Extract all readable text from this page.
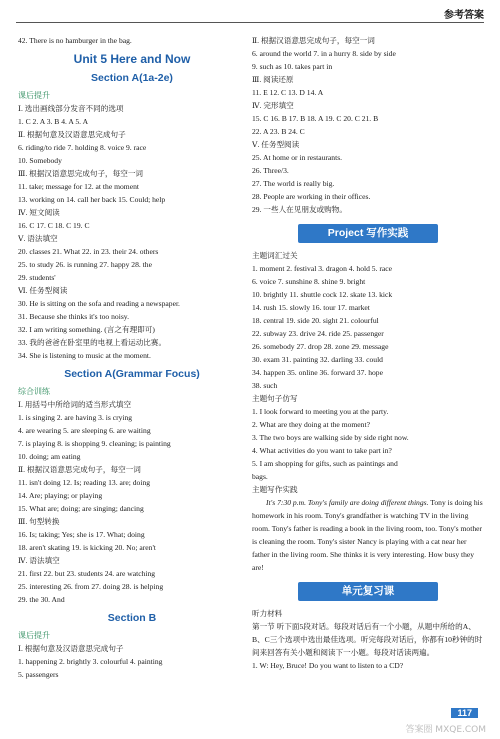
参考答案
42. There is no hamburger in the bag.
Unit 5 Here and Now
Section A(1a-2e)
课后提升
Ⅰ. 选出画线部分发音不同的选项
1. C 2. A 3. B 4. A 5. A
Ⅱ. 根据句意及汉语意思完成句子
6. riding/to ride 7. holding 8. voice 9. race
10. Somebody
Ⅲ. 根据汉语意思完成句子，每空一词
11. take; message for 12. at the moment
13. working on 14. call her back 15. Could; help
Ⅳ. 短文阅读
16. C 17. C 18. C 19. C
Ⅴ. 语法填空
20. classes 21. What 22. in 23. their 24. others
25. to study 26. is running 27. happy 28. the
29. students'
Ⅵ. 任务型阅读
30. He is sitting on the sofa and reading a newspaper.
31. Because she thinks it's too noisy.
32. I am writing something. (言之有理即可)
33. 我的爸爸在卧室里的电视上看运动比赛。
34. She is listening to music at the moment.
Section A(Grammar Focus)
综合训练
Ⅰ. 用括号中所给词的适当形式填空
1. is singing 2. are having 3. is crying
4. are wearing 5. are sleeping 6. are waiting
7. is playing 8. is shopping 9. cleaning; is painting
10. doing; am eating
Ⅱ. 根据汉语意思完成句子，每空一词
11. isn't doing 12. Is; reading 13. are; doing
14. Are; playing; or playing
15. What are; doing; are singing; dancing
Ⅲ. 句型转换
16. Is; taking; Yes; she is 17. What; doing
18. aren't skating 19. is kicking 20. No; aren't
Ⅳ. 语法填空
21. first 22. but 23. students 24. are watching
25. interesting 26. from 27. doing 28. is helping
29. the 30. And
Section B
课后提升
Ⅰ. 根据句意及汉语意思完成句子
1. happening 2. brightly 3. colourful 4. painting
5. passengers
Ⅱ. 根据汉语意思完成句子，每空一词
6. around the world 7. in a hurry 8. side by side
9. such as 10. takes part in
Ⅲ. 阅读还原
11. E 12. C 13. D 14. A
Ⅳ. 完形填空
15. C 16. B 17. B 18. A 19. C 20. C 21. B
22. A 23. B 24. C
Ⅴ. 任务型阅读
25. At home or in restaurants.
26. Three/3.
27. The world is really big.
28. People are working in their offices.
29. 一些人在见朋友或购物。
Project 写作实践
主题词汇过关
1. moment 2. festival 3. dragon 4. hold 5. race
6. voice 7. sunshine 8. shine 9. bright
10. brightly 11. shuttle cock 12. skate 13. kick
14. rush 15. slowly 16. tour 17. market
18. central 19. side 20. sight 21. colourful
22. subway 23. drive 24. ride 25. passenger
26. somebody 27. drop 28. zone 29. message
30. exam 31. painting 32. darling 33. could
34. happen 35. online 36. forward 37. hope
38. such
主题句子仿写
1. I look forward to meeting you at the party.
2. What are they doing at the moment?
3. The two boys are walking side by side right now.
4. What activities do you want to take part in?
5. I am shopping for gifts, such as paintings and
bags.
主题写作实践
It's 7:30 p.m. Tony's family are doing different things. Tony is doing his homework in his room. Tony's grandfather is watching TV in the living room. Tony's father is reading a book in the living room, too. Tony's mother is cleaning the room. Tony's sister Nancy is playing with a cat near her father in the living room. She thinks it is very interesting. How busy they are!
单元复习课
听力材料
第一节 听下面5段对话。每段对话后有一个小题，从题中所给的A、B、C三个选项中选出最佳选项。听完每段对话后，你都有10秒钟的时间来回答有关小题和阅读下一小题。每段对话读两遍。
1. W: Hey, Bruce! Do you want to listen to a CD?
117
答案圈 MXQE.COM
